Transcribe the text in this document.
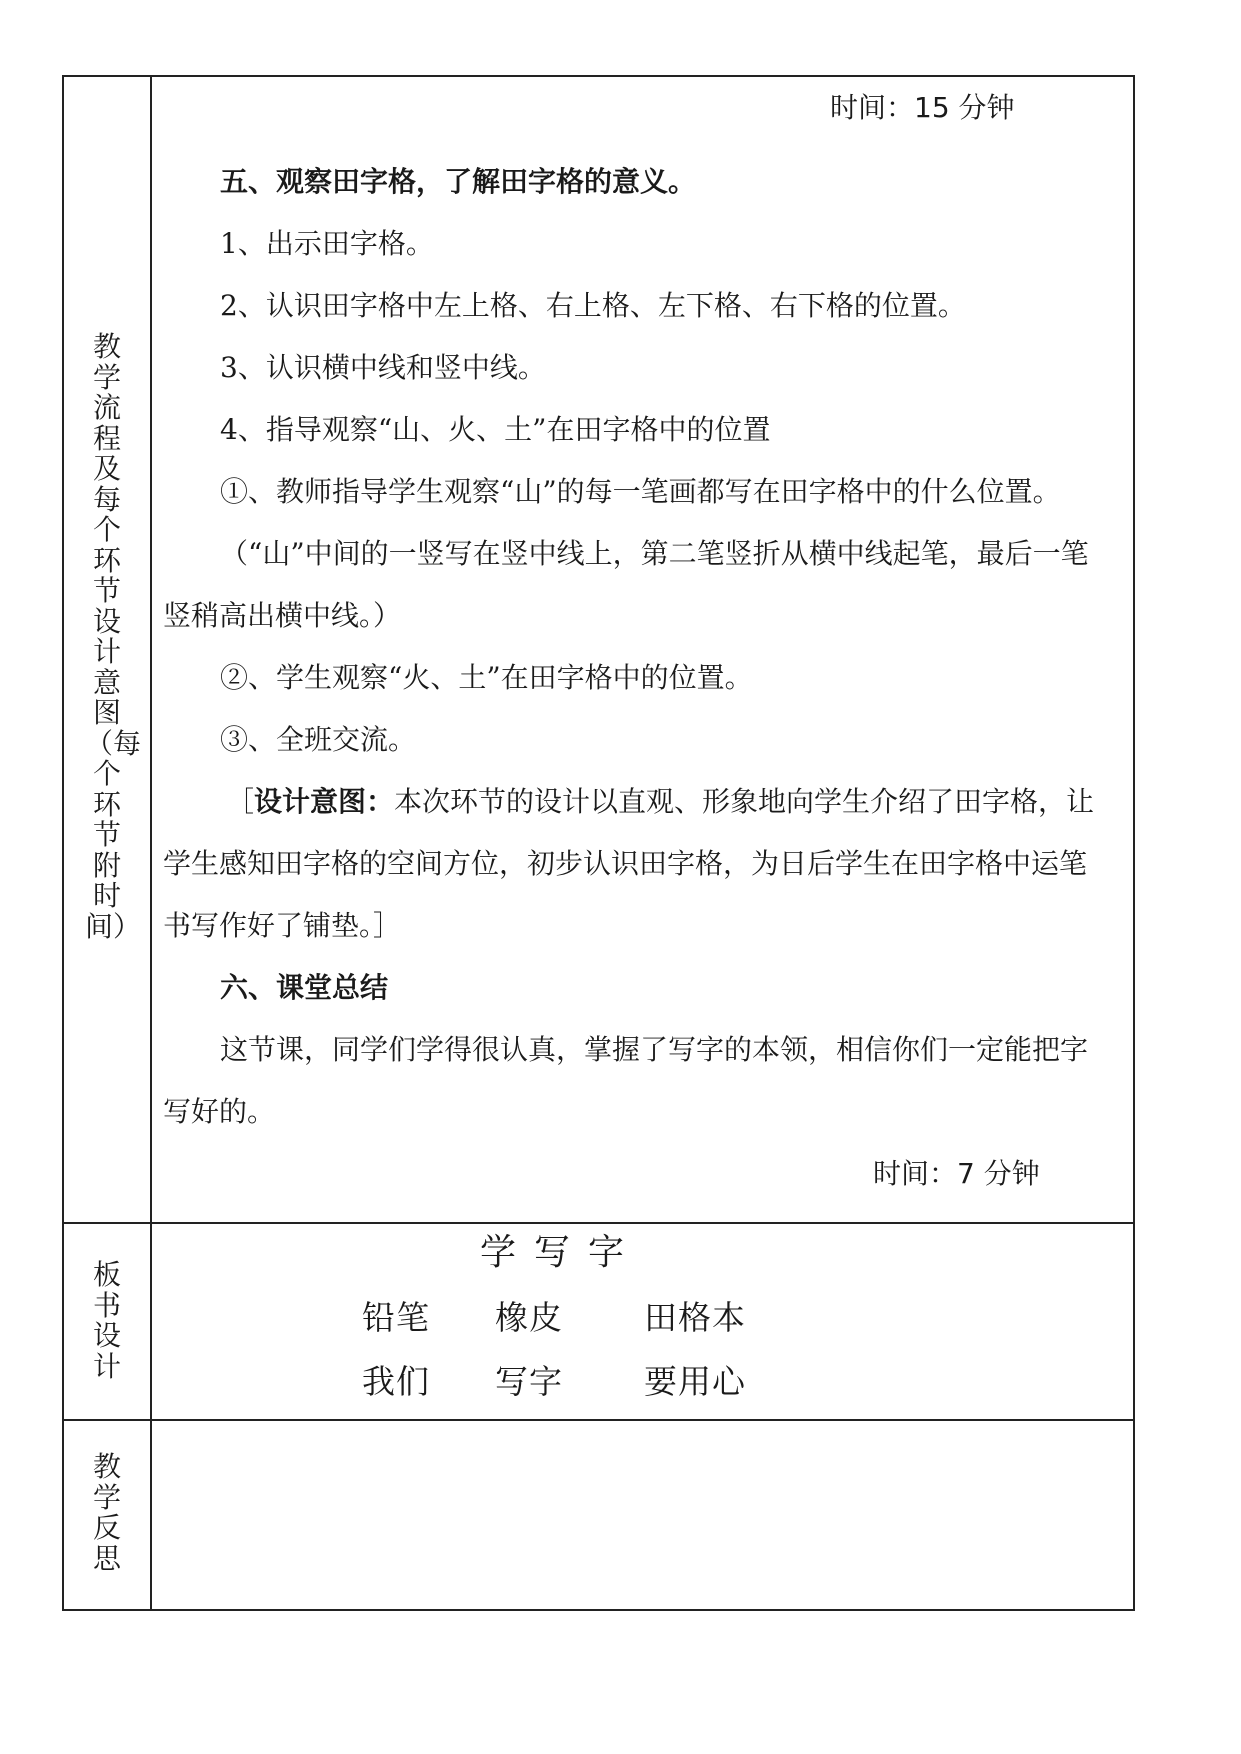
教学流程及每个环节设计意图（每个环节附时间）
时间：15 分钟
五、观察田字格，了解田字格的意义。
1、出示田字格。
2、认识田字格中左上格、右上格、左下格、右下格的位置。
3、认识横中线和竖中线。
4、指导观察“山、火、土”在田字格中的位置
①、教师指导学生观察“山”的每一笔画都写在田字格中的什么位置。
（“山”中间的一竖写在竖中线上，第二笔竖折从横中线起笔，最后一笔
竖稍高出横中线。）
②、学生观察“火、土”在田字格中的位置。
③、全班交流。
［设计意图：本次环节的设计以直观、形象地向学生介绍了田字格，让
学生感知田字格的空间方位，初步认识田字格，为日后学生在田字格中运笔
书写作好了铺垫。］
六、课堂总结
这节课，同学们学得很认真，掌握了写字的本领，相信你们一定能把字
写好的。
时间：7 分钟
板书设计
学写字
铅笔 橡皮 田格本
我们 写字 要用心
教学反思
